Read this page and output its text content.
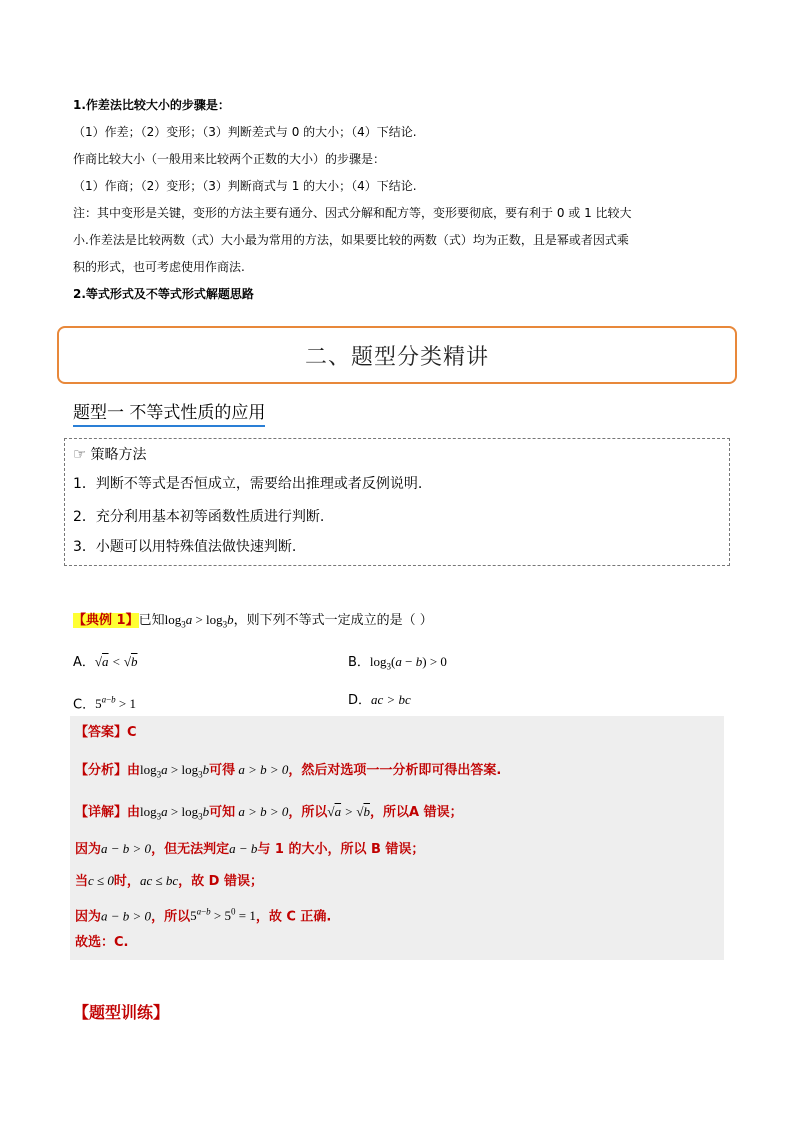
1.作差法比较大小的步骤是：
（1）作差；（2）变形；（3）判断差式与 0 的大小；（4）下结论.
作商比较大小（一般用来比较两个正数的大小）的步骤是：
（1）作商；（2）变形；（3）判断商式与 1 的大小；（4）下结论.
注：其中变形是关键，变形的方法主要有通分、因式分解和配方等，变形要彻底，要有利于 0 或 1 比较大
小.作差法是比较两数（式）大小最为常用的方法，如果要比较的两数（式）均为正数，且是幂或者因式乘
积的形式，也可考虑使用作商法.
2.等式形式及不等式形式解题思路
二、题型分类精讲
题型一 不等式性质的应用
☞ 策略方法
1．判断不等式是否恒成立，需要给出推理或者反例说明.
2．充分利用基本初等函数性质进行判断.
3．小题可以用特殊值法做快速判断.
【典例 1】已知$\log_3a > \log_3b$，则下列不等式一定成立的是（ ）
A．√a < √b	B．$\log_3(a - b) > 0$
C．$5^{a-b} > 1$	D．ac > bc
【答案】C
【分析】由$\log_3a > \log_3b$可得 a > b > 0，然后对选项一一分析即可得出答案.
【详解】由$\log_3a > \log_3b$可知 a > b > 0，所以√a > √b，所以A 错误；
因为a − b > 0，但无法判定a − b与 1 的大小，所以 B 错误；
当c ≤ 0时，ac ≤ bc，故 D 错误；
因为a − b > 0，所以$5^{a-b} > 5^0 = 1$，故 C 正确.
故选：C.
【题型训练】
